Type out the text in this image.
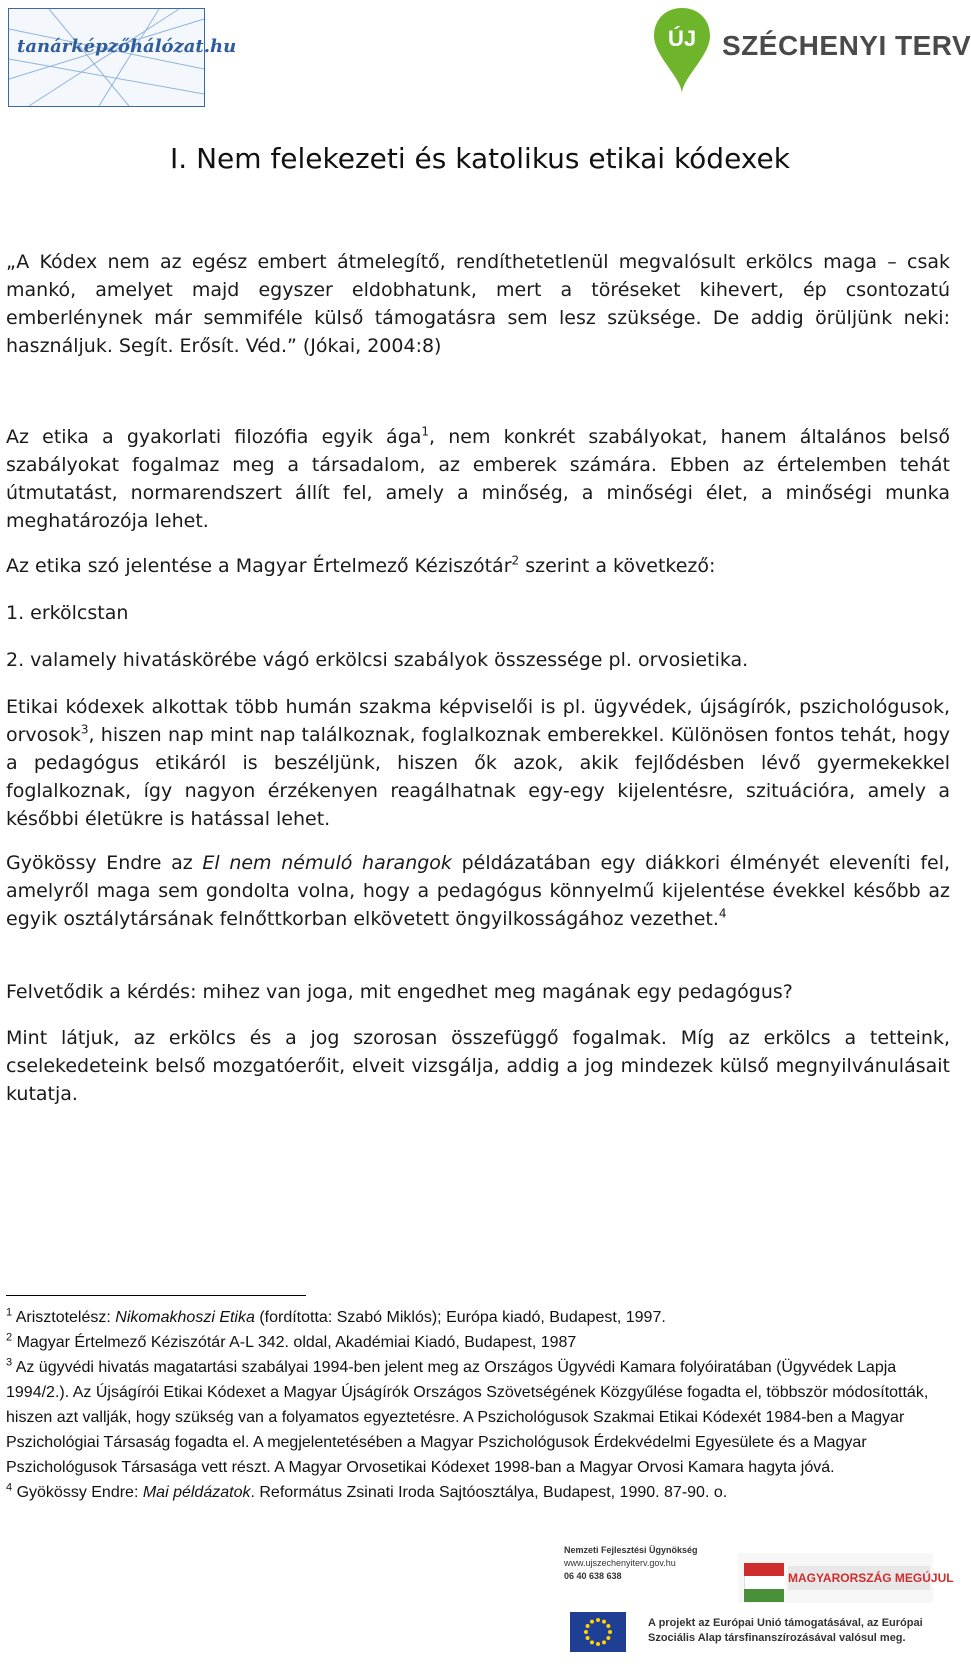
tanárképzőhálózat.hu	ÚJ SZÉCHENYI TERV
I. Nem felekezeti és katolikus etikai kódexek

„A Kódex nem az egész embert átmelegítő, rendíthetetlenül megvalósult erkölcs maga – csak mankó, amelyet majd egyszer eldobhatunk, mert a töréseket kihevert, ép csontozatú emberlénynek már semmiféle külső támogatásra sem lesz szüksége. De addig örüljünk neki: használjuk. Segít. Erősít. Véd.” (Jókai, 2004:8)

Az etika a gyakorlati filozófia egyik ága$^1$, nem konkrét szabályokat, hanem általános belső szabályokat fogalmaz meg a társadalom, az emberek számára. Ebben az értelemben tehát útmutatást, normarendszert állít fel, amely a minőség, a minőségi élet, a minőségi munka meghatározója lehet.

Az etika szó jelentése a Magyar Értelmező Kéziszótár$^2$ szerint a következő:

1. erkölcstan

2. valamely hivatáskörébe vágó erkölcsi szabályok összessége pl. orvosietika.

Etikai kódexek alkottak több humán szakma képviselői is pl. ügyvédek, újságírók, pszichológusok, orvosok$^3$, hiszen nap mint nap találkoznak, foglalkoznak emberekkel. Különösen fontos tehát, hogy a pedagógus etikáról is beszéljünk, hiszen ők azok, akik fejlődésben lévő gyermekekkel foglalkoznak, így nagyon érzékenyen reagálhatnak egy-egy kijelentésre, szituációra, amely a későbbi életükre is hatással lehet.

Gyökössy Endre az El nem némuló harangok példázatában egy diákkori élményét eleveníti fel, amelyről maga sem gondolta volna, hogy a pedagógus könnyelmű kijelentése évekkel később az egyik osztálytársának felnőttkorban elkövetett öngyilkosságához vezethet.$^4$

Felvetődik a kérdés: mihez van joga, mit engedhet meg magának egy pedagógus?

Mint látjuk, az erkölcs és a jog szorosan összefüggő fogalmak. Míg az erkölcs a tetteink, cselekedeteink belső mozgatóerőit, elveit vizsgálja, addig a jog mindezek külső megnyilvánulásait kutatja.

$^1$ Arisztotelész: Nikomakhoszi Etika (fordította: Szabó Miklós); Európa kiadó, Budapest, 1997.

$^2$ Magyar Értelmező Kéziszótár A-L 342. oldal, Akadémiai Kiadó, Budapest, 1987

$^3$ Az ügyvédi hivatás magatartási szabályai 1994-ben jelent meg az Országos Ügyvédi Kamara folyóiratában (Ügyvédek Lapja 1994/2.). Az Újságírói Etikai Kódexet a Magyar Újságírók Országos Szövetségének Közgyűlése fogadta el, többször módosították, hiszen azt vallják, hogy szükség van a folyamatos egyeztetésre. A Pszichológusok Szakmai Etikai Kódexét 1984-ben a Magyar Pszichológiai Társaság fogadta el. A megjelentetésében a Magyar Pszichológusok Érdekvédelmi Egyesülete és a Magyar Pszichológusok Társasága vett részt. A Magyar Orvosetikai Kódexet 1998-ban a Magyar Orvosi Kamara hagyta jóvá.

$^4$ Gyökössy Endre: Mai példázatok. Református Zsinati Iroda Sajtóosztálya, Budapest, 1990. 87-90. o.

Nemzeti Fejlesztési Ügynökség
www.ujszechenyiterv.gov.hu
06 40 638 638	MAGYARORSZÁG MEGÚJUL
A projekt az Európai Unió támogatásával, az Európai Szociális Alap társfinanszírozásával valósul meg.
